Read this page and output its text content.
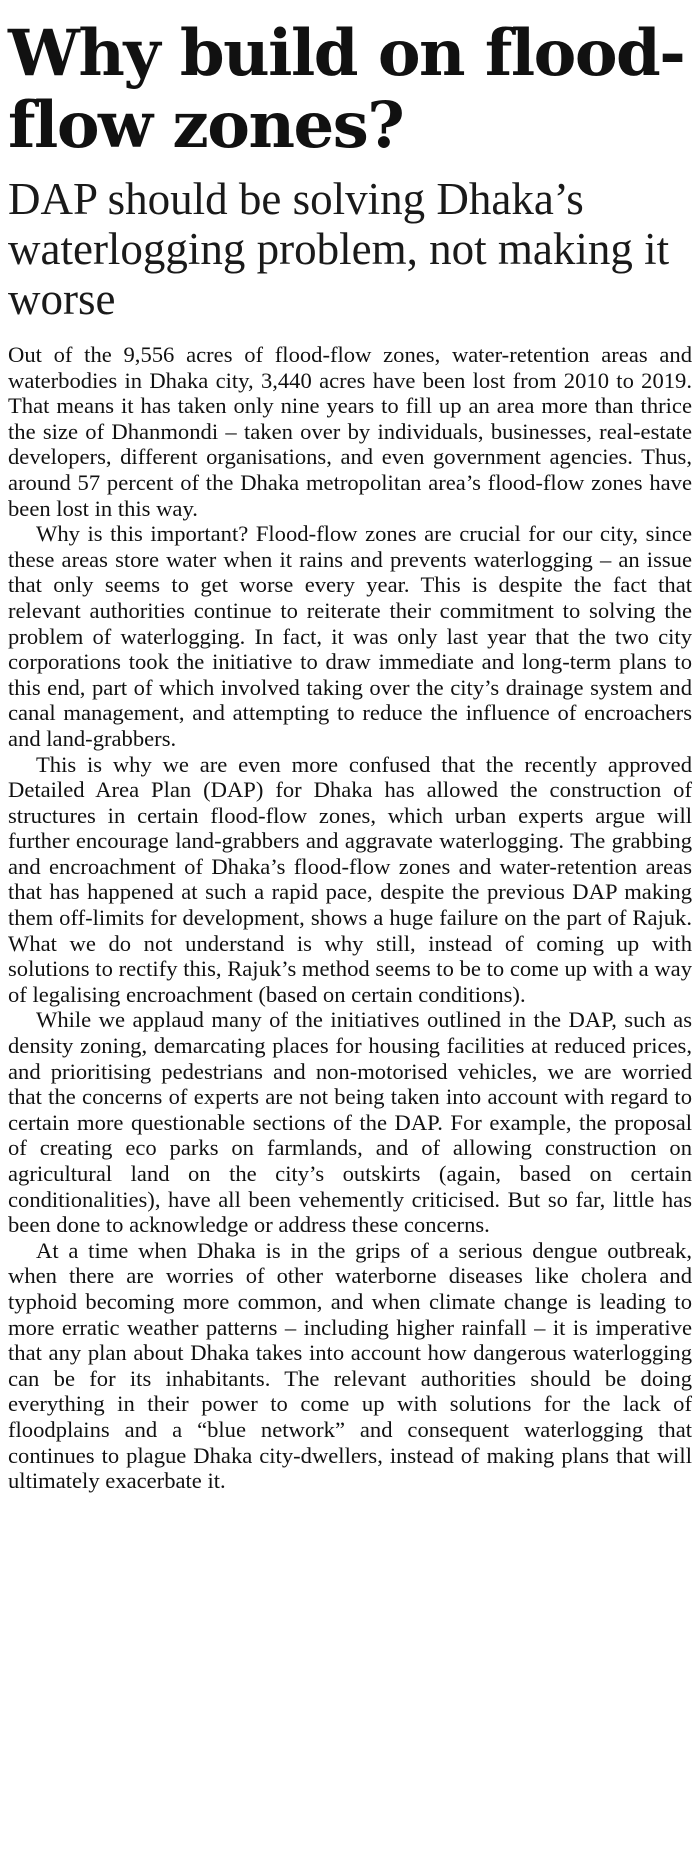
Why build on flood-flow zones?
DAP should be solving Dhaka’s waterlogging problem, not making it worse

Out of the 9,556 acres of flood-flow zones, water-retention areas and waterbodies in Dhaka city, 3,440 acres have been lost from 2010 to 2019. That means it has taken only nine years to fill up an area more than thrice the size of Dhanmondi – taken over by individuals, businesses, real-estate developers, different organisations, and even government agencies. Thus, around 57 percent of the Dhaka metropolitan area’s flood-flow zones have been lost in this way.

Why is this important? Flood-flow zones are crucial for our city, since these areas store water when it rains and prevents waterlogging – an issue that only seems to get worse every year. This is despite the fact that relevant authorities continue to reiterate their commitment to solving the problem of waterlogging. In fact, it was only last year that the two city corporations took the initiative to draw immediate and long-term plans to this end, part of which involved taking over the city’s drainage system and canal management, and attempting to reduce the influence of encroachers and land-grabbers.

This is why we are even more confused that the recently approved Detailed Area Plan (DAP) for Dhaka has allowed the construction of structures in certain flood-flow zones, which urban experts argue will further encourage land-grabbers and aggravate waterlogging. The grabbing and encroachment of Dhaka’s flood-flow zones and water-retention areas that has happened at such a rapid pace, despite the previous DAP making them off-limits for development, shows a huge failure on the part of Rajuk. What we do not understand is why still, instead of coming up with solutions to rectify this, Rajuk’s method seems to be to come up with a way of legalising encroachment (based on certain conditions).

While we applaud many of the initiatives outlined in the DAP, such as density zoning, demarcating places for housing facilities at reduced prices, and prioritising pedestrians and non-motorised vehicles, we are worried that the concerns of experts are not being taken into account with regard to certain more questionable sections of the DAP. For example, the proposal of creating eco parks on farmlands, and of allowing construction on agricultural land on the city’s outskirts (again, based on certain conditionalities), have all been vehemently criticised. But so far, little has been done to acknowledge or address these concerns.

At a time when Dhaka is in the grips of a serious dengue outbreak, when there are worries of other waterborne diseases like cholera and typhoid becoming more common, and when climate change is leading to more erratic weather patterns – including higher rainfall – it is imperative that any plan about Dhaka takes into account how dangerous waterlogging can be for its inhabitants. The relevant authorities should be doing everything in their power to come up with solutions for the lack of floodplains and a “blue network” and consequent waterlogging that continues to plague Dhaka city-dwellers, instead of making plans that will ultimately exacerbate it.
